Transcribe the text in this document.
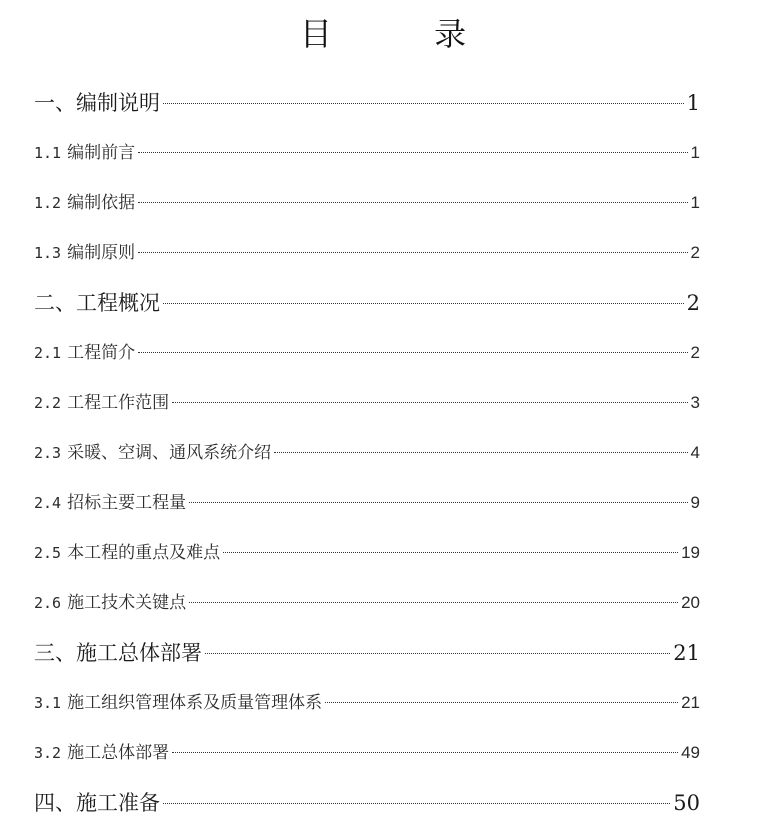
目 录
一、编制说明	1
1.1 编制前言	1
1.2 编制依据	1
1.3 编制原则	2
二、工程概况	2
2.1 工程简介	2
2.2 工程工作范围	3
2.3 采暖、空调、通风系统介绍	4
2.4 招标主要工程量	9
2.5 本工程的重点及难点	19
2.6 施工技术关键点	20
三、施工总体部署	21
3.1 施工组织管理体系及质量管理体系	21
3.2 施工总体部署	49
四、施工准备	50
